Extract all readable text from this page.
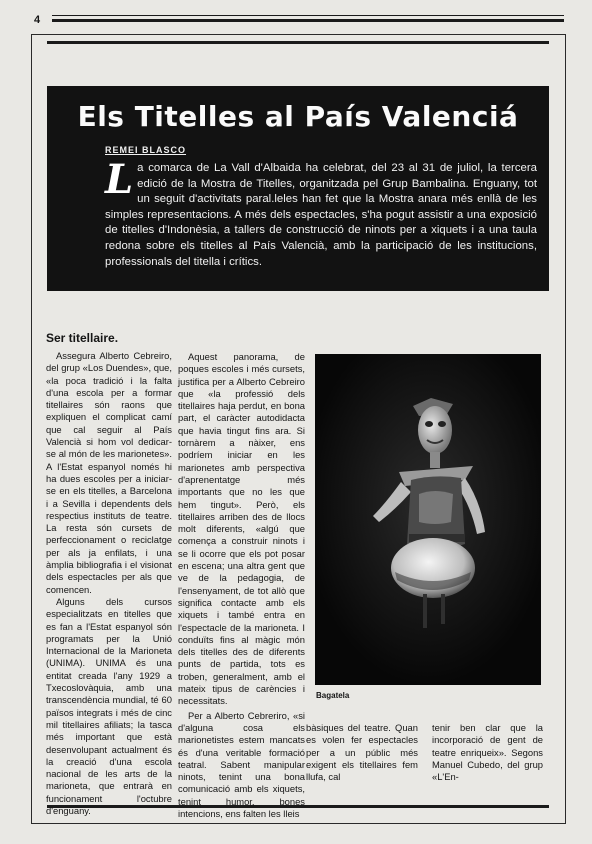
4
Els Titelles al País Valenciá
REMEI BLASCO
La comarca de La Vall d'Albaida ha celebrat, del 23 al 31 de juliol, la tercera edició de la Mostra de Titelles, organitzada pel Grup Bambalina. Enguany, tot un seguit d'activitats paral.leles han fet que la Mostra anara més enllà de les simples representacions. A més dels espectacles, s'ha pogut assistir a una exposició de titelles d'Indonèsia, a tallers de construcció de ninots per a xiquets i a una taula redona sobre els titelles al País Valencià, amb la participació de les institucions, professionals del titella i crítics.
Ser titellaire.

Assegura Alberto Cebreiro, del grup «Los Duendes», que, «la poca tradició i la falta d'una escola per a formar titellaires són raons que expliquen el complicat camí que cal seguir al País Valencià si hom vol dedicar-se al món de les marionetes». A l'Estat espanyol només hi ha dues escoles per a iniciar-se en els titelles, a Barcelona i a Sevilla i dependents dels respectius instituts de teatre. La resta són cursets de perfeccionament o reciclatge per als ja enfilats, i una àmplia bibliografia i el visionat dels espectacles per als que comencen.

Alguns dels cursos especialitzats en titelles que es fan a l'Estat espanyol són programats per la Unió Internacional de la Marioneta (UNIMA). UNIMA és una entitat creada l'any 1929 a Txecoslovàquia, amb una transcendència mundial, té 60 països integrats i més de cinc mil titellaires afiliats; la tasca més important que està desenvolupant actualment és la creació d'una escola nacional de les arts de la marioneta, que entrarà en funcionament l'octubre d'enguany.

Aquest panorama, de poques escoles i més cursets, justifica per a Alberto Cebreiro que «la professió dels titellaires haja perdut, en bona part, el caràcter autodidacta que havia tingut fins ara. Si tornàrem a nàixer, ens podríem iniciar en les marionetes amb perspectiva d'aprenentatge més importants que no les que hem tingut». Però, els titellaires arriben des de llocs molt diferents, «algú que comença a construir ninots i se li ocorre que els pot posar en escena; una altra gent que ve de la pedagogia, de l'ensenyament, de tot allò que significa contacte amb els xiquets i també entra en l'espectacle de la marioneta. I conduïts fins al màgic món dels titelles des de diferents punts de partida, tots es troben, generalment, amb el mateix tipus de carències i necessitats.

Per a Alberto Cebreriro, «si d'alguna cosa els marionetistes estem mancats és d'una veritable formació teatral. Sabent manipular ninots, tenint una bona comunicació amb els xiquets, tenint humor, bones intencions, ens falten les lleis

Bagatela

bàsiques del teatre. Quan es volen fer espectacles per a un públic més exigent els titellaires fem llufa, cal

tenir ben clar que la incorporació de gent de teatre enriqueix». Segons Manuel Cubedo, del grup «L'En-
